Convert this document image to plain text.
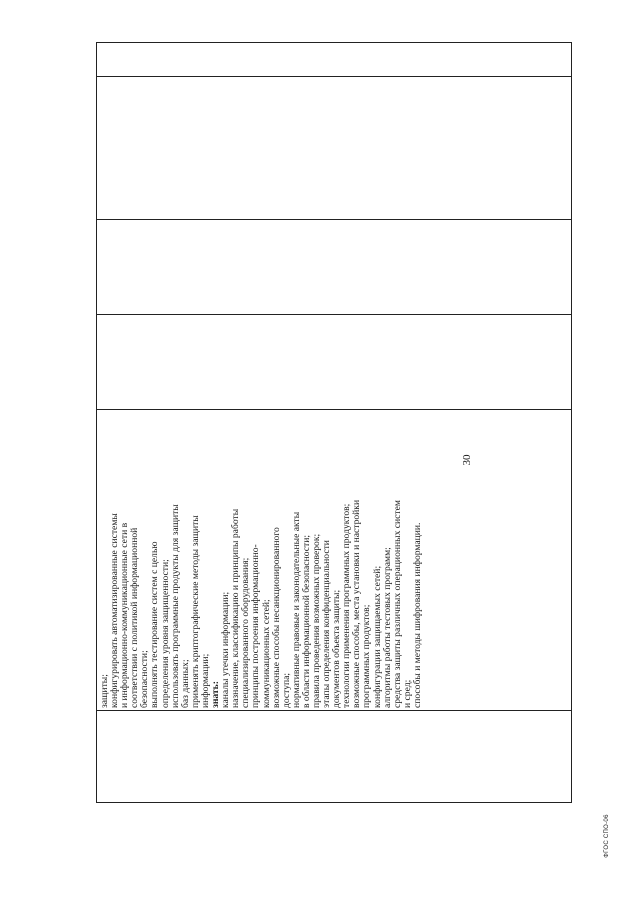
30
защиты; конфигурировать автоматизированные системы и информационно-коммуникационные сети в соответствии с политикой информационной безопасности; выполнять тестирование систем с целью определения уровня защищенности; использовать программные продукты для защиты баз данных; применять криптографические методы защиты информации; знать: каналы утечки информации; назначение, классификацию и принципы работы специализированного оборудования; принципы построения информационно- коммуникационных сетей; возможные способы несанкционированного доступа; нормативные правовые и законодательные акты в области информационной безопасности; правила проведения возможных проверок; этапы определения конфиденциальности документов объекта защиты; технологии применения программных продуктов; возможные способы, места установки и настройки программных продуктов; конфигурации защищаемых сетей; алгоритмы работы тестовых программ; средства защиты различных операционных систем и сред; способы и методы шифрования информации.
ФГОС СПО-06
